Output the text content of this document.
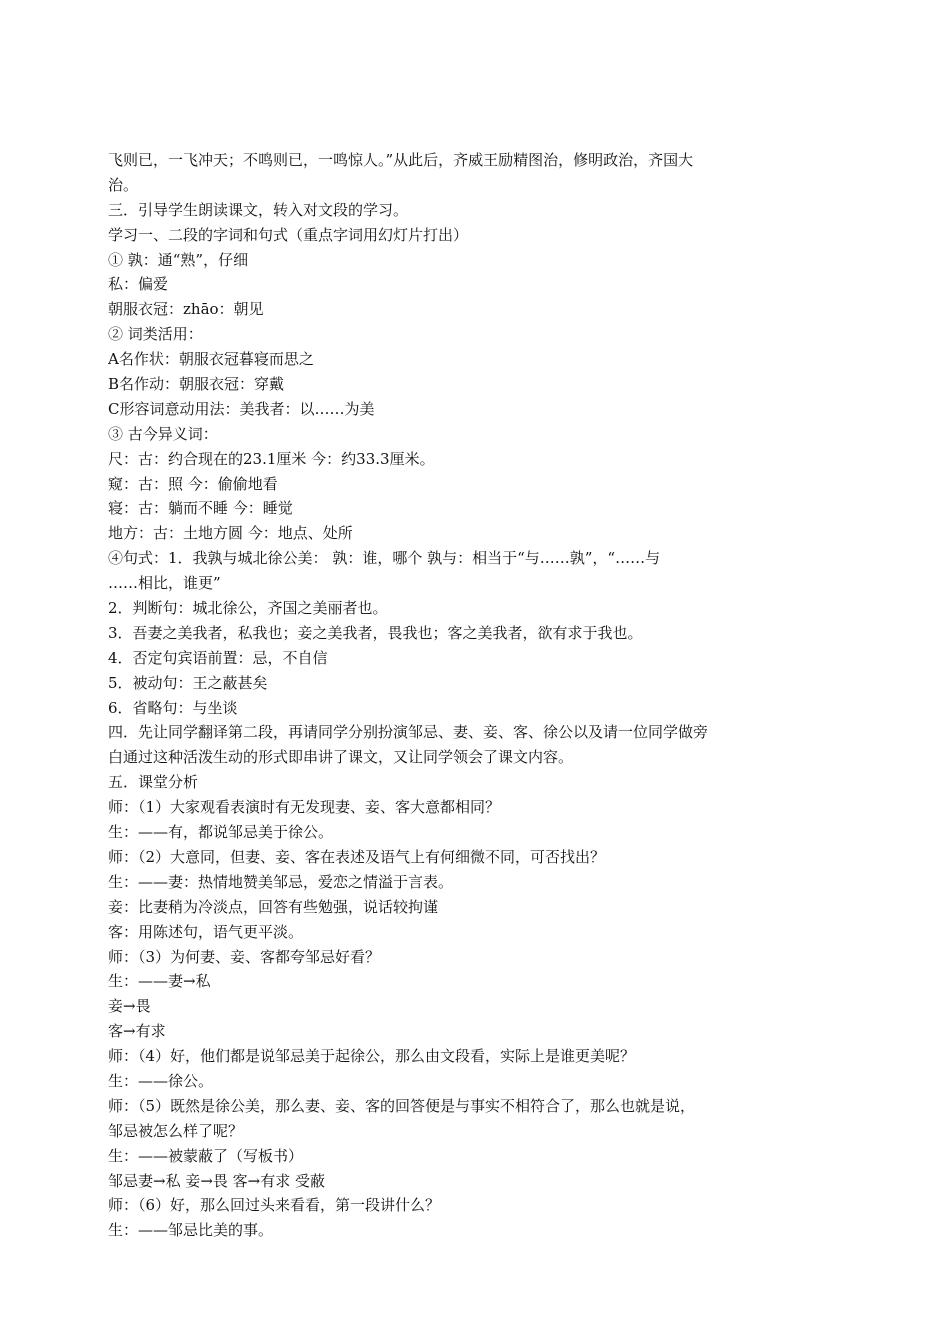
飞则已，一飞冲天；不鸣则已，一鸣惊人。”从此后，齐威王励精图治，修明政治，齐国大
治。
三．引导学生朗读课文，转入对文段的学习。
学习一、二段的字词和句式（重点字词用幻灯片打出）
① 孰：通“熟”，仔细
私：偏爱
朝服衣冠：zhāo：朝见
② 词类活用：
A名作状：朝服衣冠暮寝而思之
B名作动：朝服衣冠：穿戴
C形容词意动用法：美我者：以……为美
③ 古今异义词：
尺：古：约合现在的23.1厘米 今：约33.3厘米。
窥：古：照 今：偷偷地看
寝：古：躺而不睡 今：睡觉
地方：古：土地方圆 今：地点、处所
④句式：1．我孰与城北徐公美： 孰：谁，哪个 孰与：相当于“与……孰”，“……与
……相比，谁更”
2．判断句：城北徐公，齐国之美丽者也。
3．吾妻之美我者，私我也；妾之美我者，畏我也；客之美我者，欲有求于我也。
4．否定句宾语前置：忌，不自信
5．被动句：王之蔽甚矣
6．省略句：与坐谈
四．先让同学翻译第二段，再请同学分别扮演邹忌、妻、妾、客、徐公以及请一位同学做旁
白通过这种活泼生动的形式即串讲了课文，又让同学领会了课文内容。
五．课堂分析
师：（1）大家观看表演时有无发现妻、妾、客大意都相同？
生：——有，都说邹忌美于徐公。
师：（2）大意同，但妻、妾、客在表述及语气上有何细微不同，可否找出？
生：——妻：热情地赞美邹忌，爱恋之情溢于言表。
妾：比妻稍为冷淡点，回答有些勉强，说话较拘谨
客：用陈述句，语气更平淡。
师：（3）为何妻、妾、客都夸邹忌好看？
生：——妻→私
妾→畏
客→有求
师：（4）好，他们都是说邹忌美于起徐公，那么由文段看，实际上是谁更美呢？
生：——徐公。
师：（5）既然是徐公美，那么妻、妾、客的回答便是与事实不相符合了，那么也就是说，
邹忌被怎么样了呢？
生：——被蒙蔽了（写板书）
邹忌妻→私 妾→畏 客→有求 受蔽
师：（6）好，那么回过头来看看，第一段讲什么？
生：——邹忌比美的事。
